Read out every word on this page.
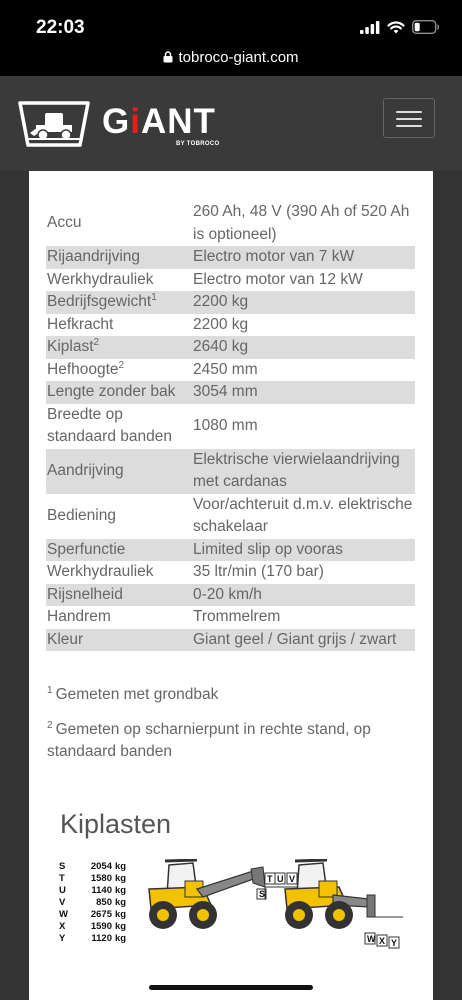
22:03
tobroco-giant.com
GiANT
BY TOBROCO
Accu	260 Ah, 48 V (390 Ah of 520 Ah is optioneel)
Rijaandrijving	Electro motor van 7 kW
Werkhydrauliek	Electro motor van 12 kW
Bedrijfsgewicht$^1$	2200 kg
Hefkracht	2200 kg
Kiplast$^2$	2640 kg
Hefhoogte$^2$	2450 mm
Lengte zonder bak	3054 mm
Breedte op standaard banden	1080 mm
Aandrijving	Elektrische vierwielaandrijving met cardanas
Bediening	Voor/achteruit d.m.v. elektrische schakelaar
Sperfunctie	Limited slip op vooras
Werkhydrauliek	35 ltr/min (170 bar)
Rijsnelheid	0-20 km/h
Handrem	Trommelrem
Kleur	Giant geel / Giant grijs / zwart

$^1$ Gemeten met grondbak

$^2$ Gemeten op scharnierpunt in rechte stand, op standaard banden

Kiplasten
S	2054 kg
T	1580 kg
U	1140 kg
V	850 kg
W	2675 kg
X	1590 kg
Y	1120 kg
S
T U V
W X Y
